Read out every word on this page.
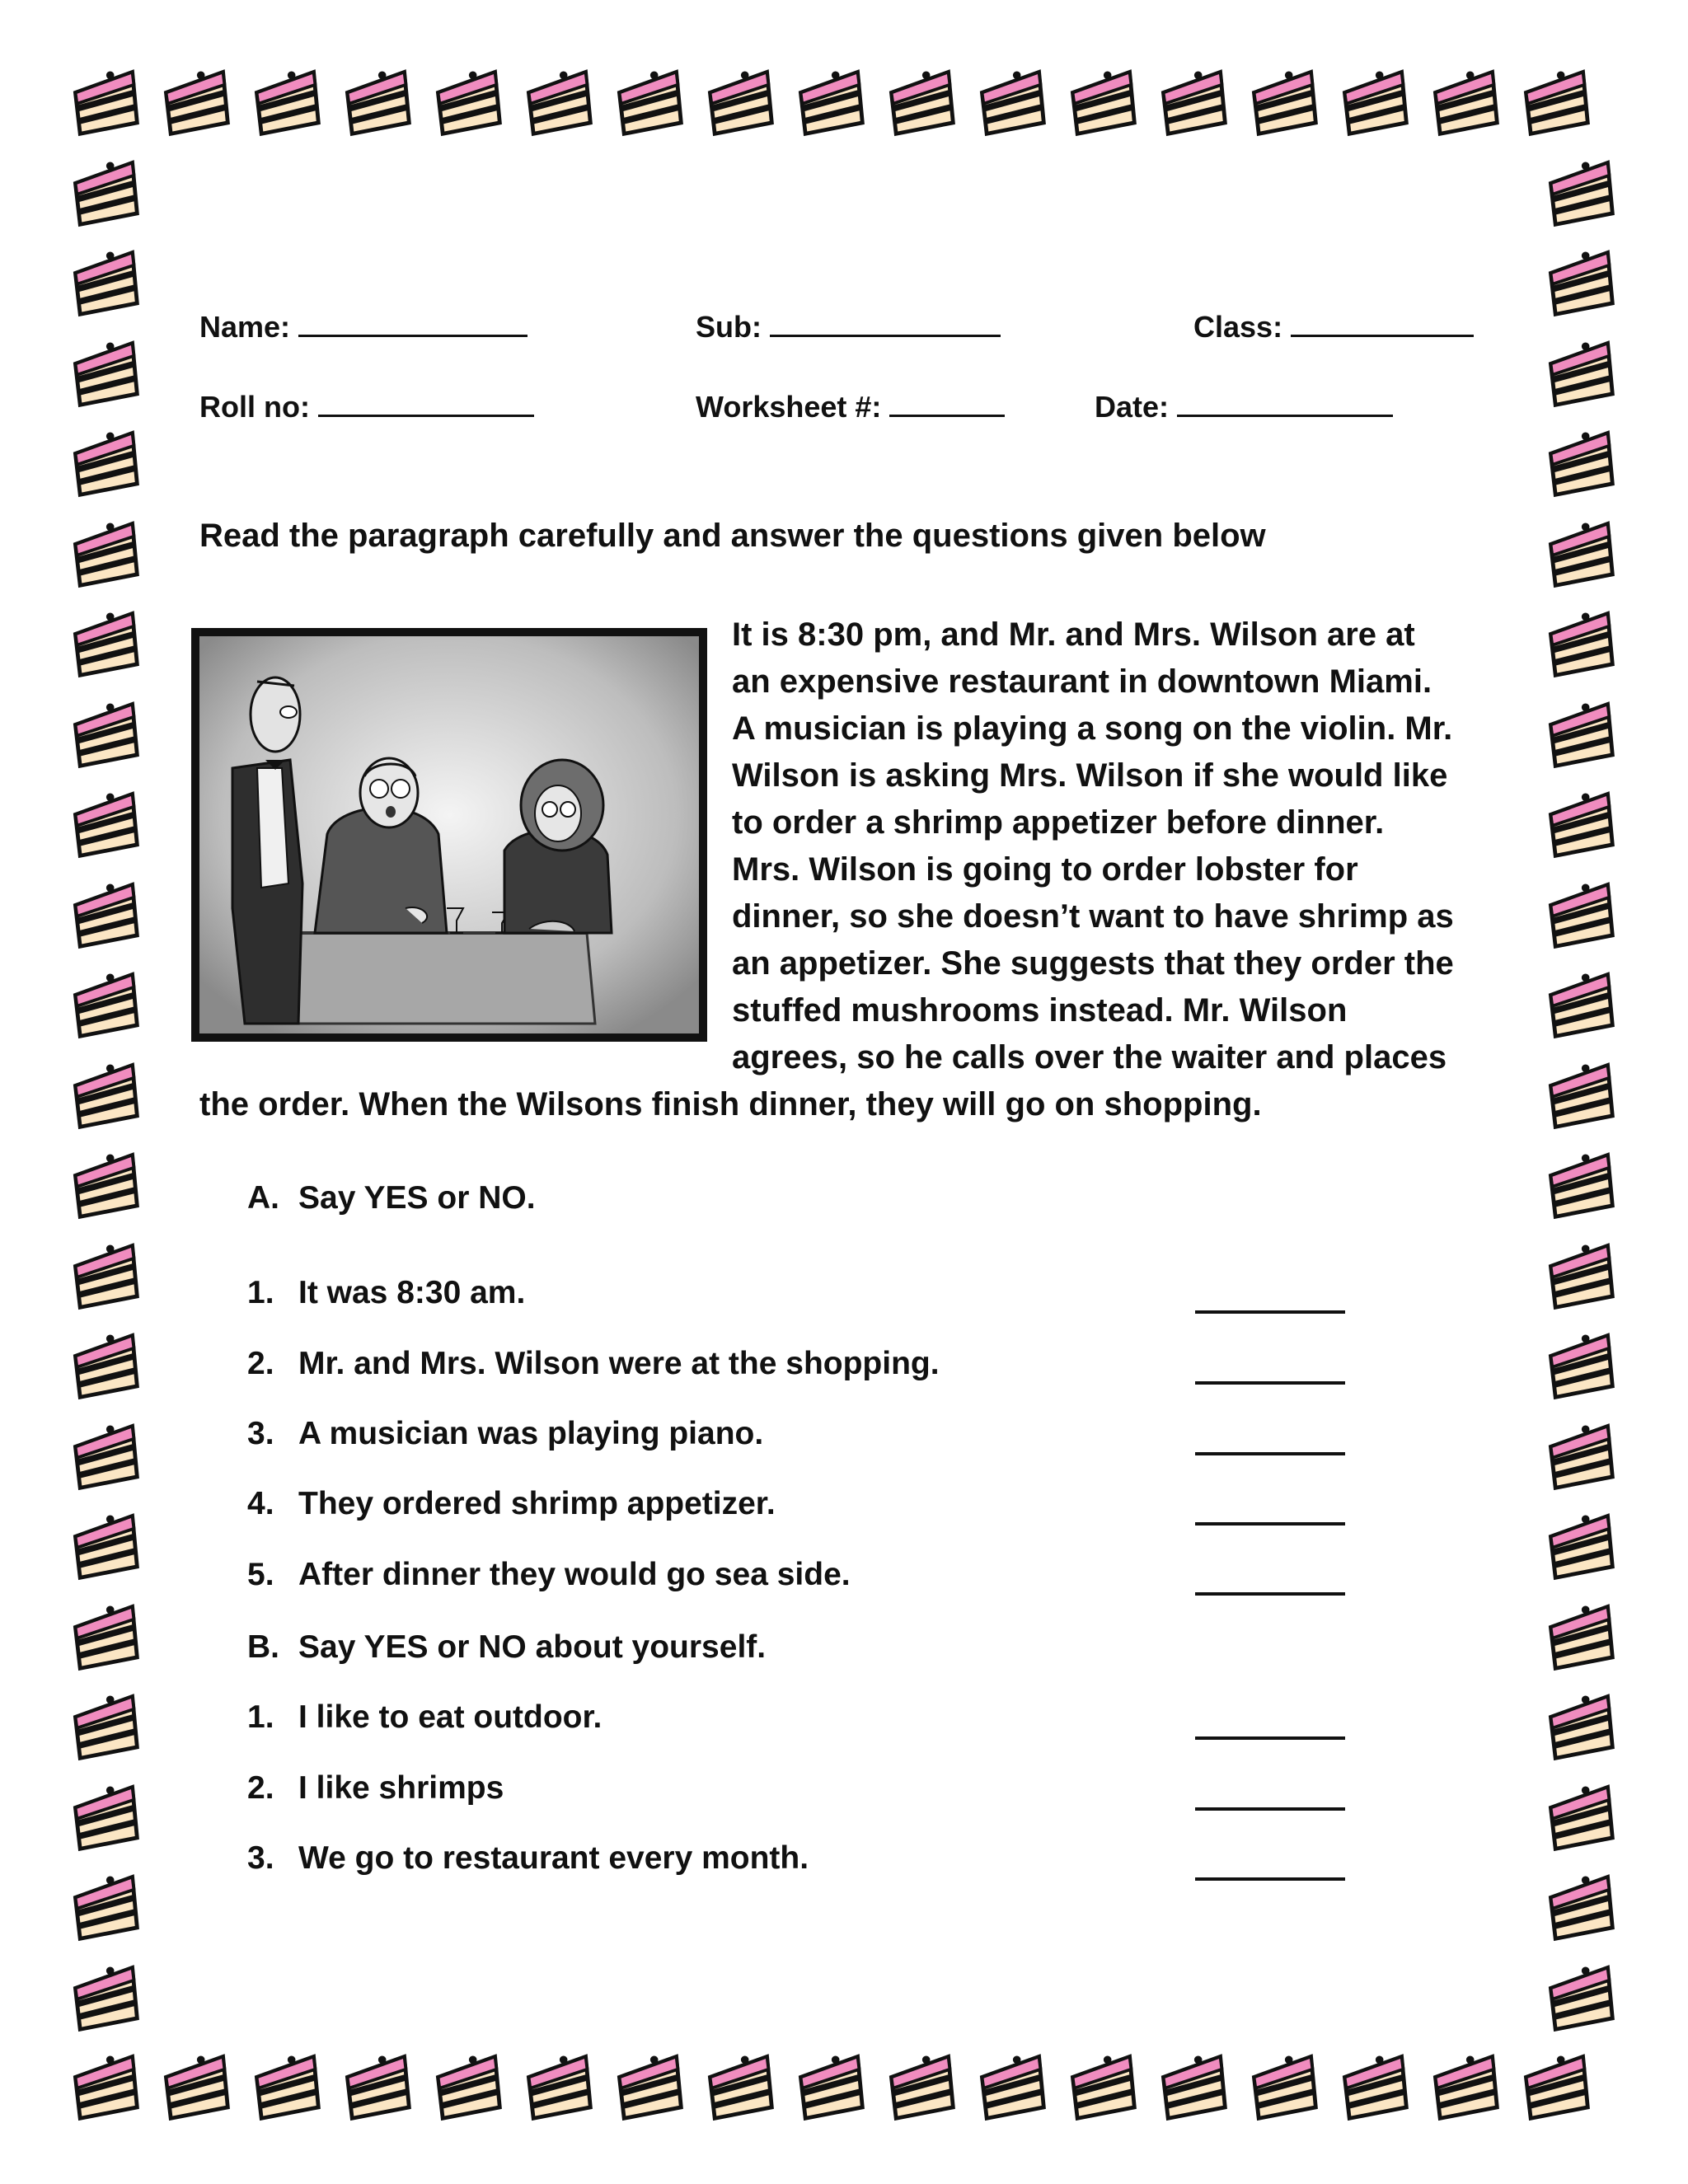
Name:	Sub:	Class:
Roll no:	Worksheet #:	Date:
Read the paragraph carefully and answer the questions given below
It is 8:30 pm, and Mr. and Mrs. Wilson are at
an expensive restaurant in downtown Miami.
A musician is playing a song on the violin. Mr.
Wilson is asking Mrs. Wilson if she would like
to order a shrimp appetizer before dinner.
Mrs. Wilson is going to order lobster for
dinner, so she doesn’t want to have shrimp as
an appetizer. She suggests that they order the
stuffed mushrooms instead. Mr. Wilson
agrees, so he calls over the waiter and places
the order. When the Wilsons finish dinner, they will go on shopping.
A. Say YES or NO.
1. It was 8:30 am.
2. Mr. and Mrs. Wilson were at the shopping.
3. A musician was playing piano.
4. They ordered shrimp appetizer.
5. After dinner they would go sea side.
B. Say YES or NO about yourself.
1. I like to eat outdoor.
2. I like shrimps
3. We go to restaurant every month.
